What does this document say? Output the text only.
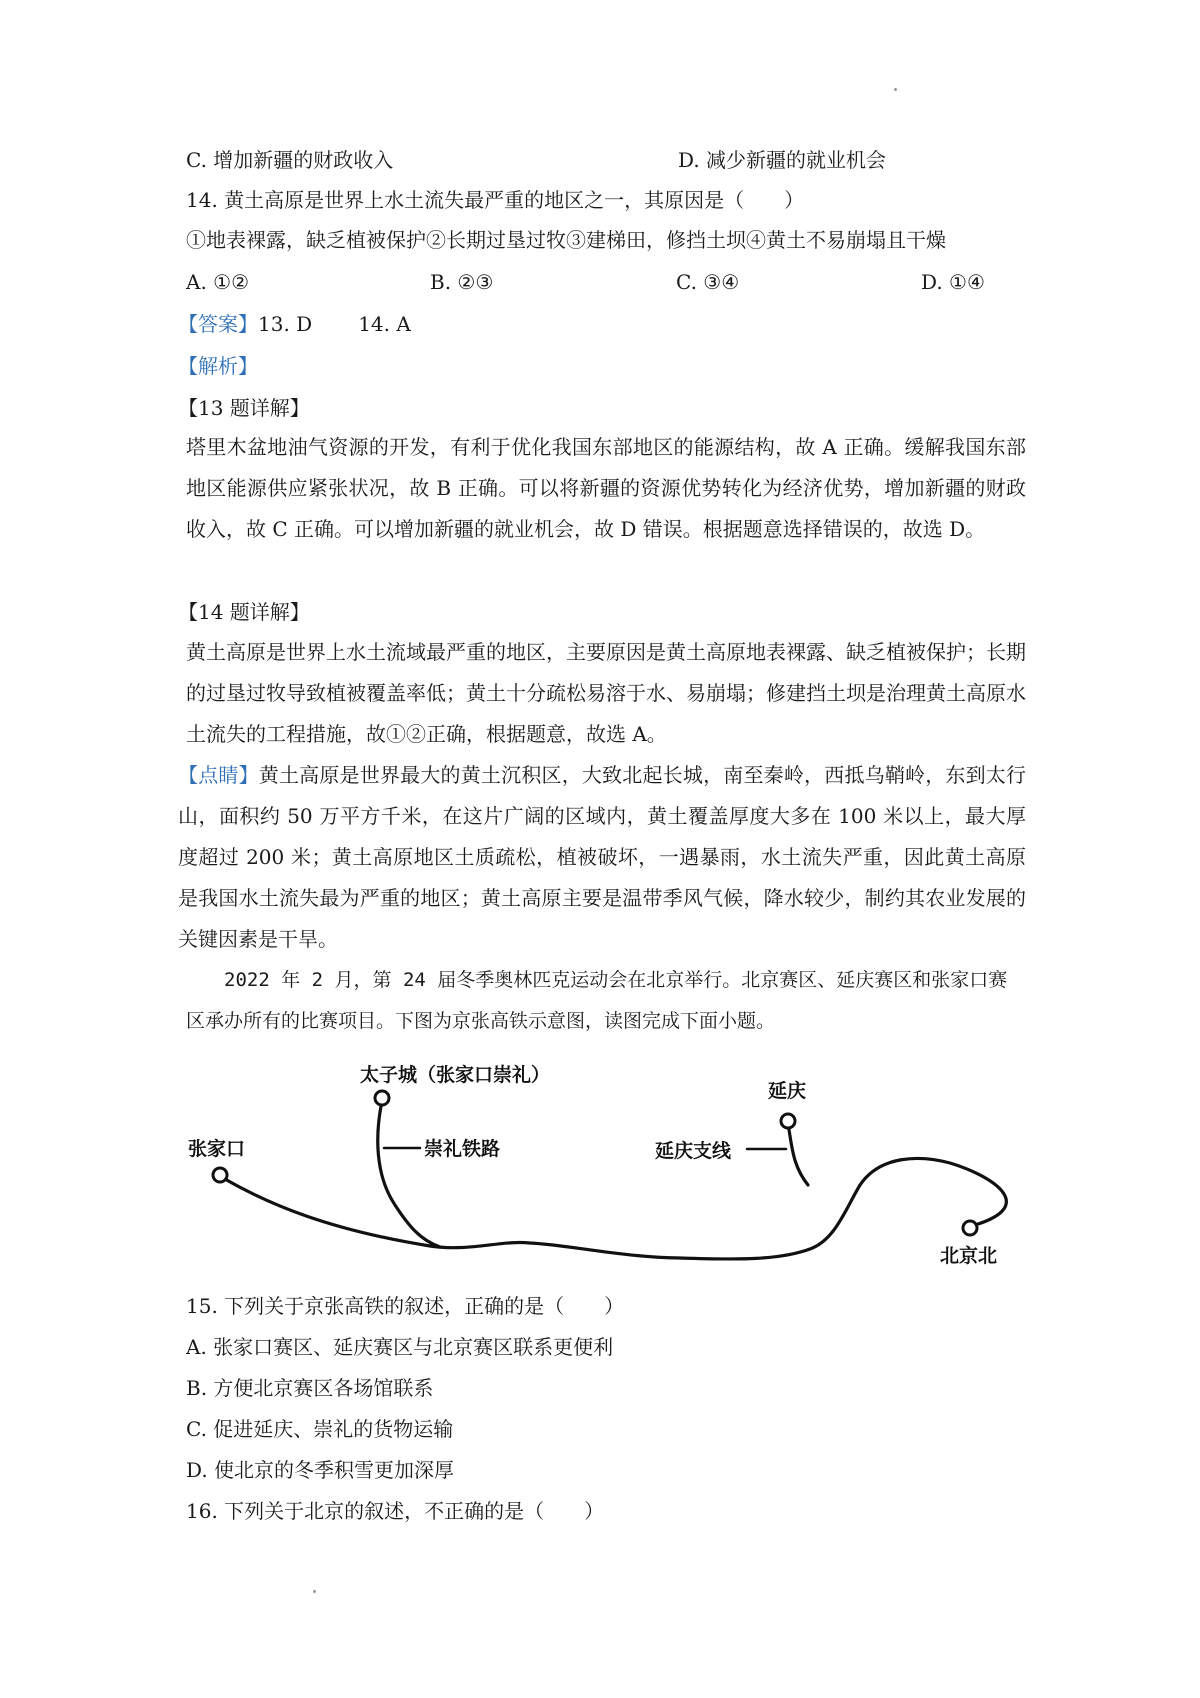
C. 增加新疆的财政收入	D. 减少新疆的就业机会
14. 黄土高原是世界上水土流失最严重的地区之一，其原因是（　　）
①地表裸露，缺乏植被保护②长期过垦过牧③建梯田，修挡土坝④黄土不易崩塌且干燥
A. ①②	B. ②③	C. ③④	D. ①④
【答案】13. D 14. A
【解析】
【13 题详解】
塔里木盆地油气资源的开发，有利于优化我国东部地区的能源结构，故 A 正确。缓解我国东部地区能源供应紧张状况，故 B 正确。可以将新疆的资源优势转化为经济优势，增加新疆的财政收入，故 C 正确。可以增加新疆的就业机会，故 D 错误。根据题意选择错误的，故选 D。
【14 题详解】
黄土高原是世界上水土流域最严重的地区，主要原因是黄土高原地表裸露、缺乏植被保护；长期的过垦过牧导致植被覆盖率低；黄土十分疏松易溶于水、易崩塌；修建挡土坝是治理黄土高原水土流失的工程措施，故①②正确，根据题意，故选 A。
【点睛】黄土高原是世界最大的黄土沉积区，大致北起长城，南至秦岭，西抵乌鞘岭，东到太行山，面积约 50 万平方千米，在这片广阔的区域内，黄土覆盖厚度大多在 100 米以上，最大厚度超过 200 米；黄土高原地区土质疏松，植被破坏，一遇暴雨，水土流失严重，因此黄土高原是我国水土流失最为严重的地区；黄土高原主要是温带季风气候，降水较少，制约其农业发展的关键因素是干旱。
2022 年 2 月，第 24 届冬季奥林匹克运动会在北京举行。北京赛区、延庆赛区和张家口赛区承办所有的比赛项目。下图为京张高铁示意图，读图完成下面小题。
太子城（张家口崇礼）
崇礼铁路
延庆
延庆支线
张家口
北京北
15. 下列关于京张高铁的叙述，正确的是（　　）
A. 张家口赛区、延庆赛区与北京赛区联系更便利
B. 方便北京赛区各场馆联系
C. 促进延庆、崇礼的货物运输
D. 使北京的冬季积雪更加深厚
16. 下列关于北京的叙述，不正确的是（　　）
